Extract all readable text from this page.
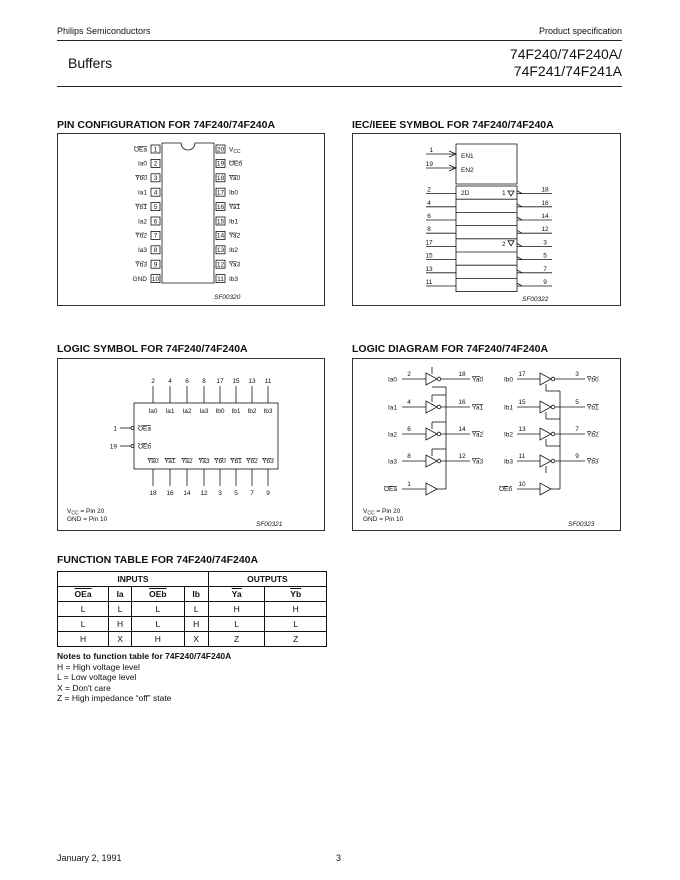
Philips Semiconductors	Product specification
Buffers
74F240/74F240A/
74F241/74F241A
PIN CONFIGURATION FOR 74F240/74F240A	IEC/IEEE SYMBOL FOR 74F240/74F240A
LOGIC SYMBOL FOR 74F240/74F240A	LOGIC DIAGRAM FOR 74F240/74F240A
FUNCTION TABLE FOR 74F240/74F240A
1
OEa
2
Ia0
3
Yb0
4
Ia1
5
Yb1
6
Ia2
7
Yb2
8
Ia3
9
Yb3
10
GND
20 $V_{CC}$
19 OEb
18 Ya0
17 Ib0
16 Ya1
15 Ib1
14 Ya2
13 Ib2
12 Ya3
11 Ib3
SF00320
1
19
EN1
EN2
2D	1
2
2
4
6
8
17
15
13
11
18
16
14
12
3
5
7
9
SF00322
2
Ia0
4
Ia1
6
Ia2
8
Ia3
17
Ib0
15
Ib1
13
Ib2
11
Ib3
18
Ya0
16
Ya1
14
Ya2
12
Ya3
3
Yb0
5
Yb1
7
Yb2
9
Yb3
1	OEa
19	OEb
$V_{CC}$ = Pin 20
GND = Pin 10
SF00321
Ia0
2	18
Ya0
Ia1
4	16
Ya1
Ia2
6	14
Ya2
Ia3
8	12
Ya3
OEa
1
Ib0
17	3
Yb0
Ib1
15	5
Yb1
Ib2
13	7
Yb2
Ib3
11	9
Yb3
OEb
10
$V_{CC}$ = Pin 20
GND = Pin 10
SF00323
INPUTS				OUTPUTS	
$\overline{OEa}$	Ia	$\overline{OEb}$	Ib	$\overline{Ya}$	$\overline{Yb}$
L	L	L	L	H	H
L	H	L	H	L	L
H	X	H	X	Z	Z
Notes to function table for 74F240/74F240A
H = High voltage level
L = Low voltage level
X = Don't care
Z = High impedance “off” state
January 2, 1991	3
